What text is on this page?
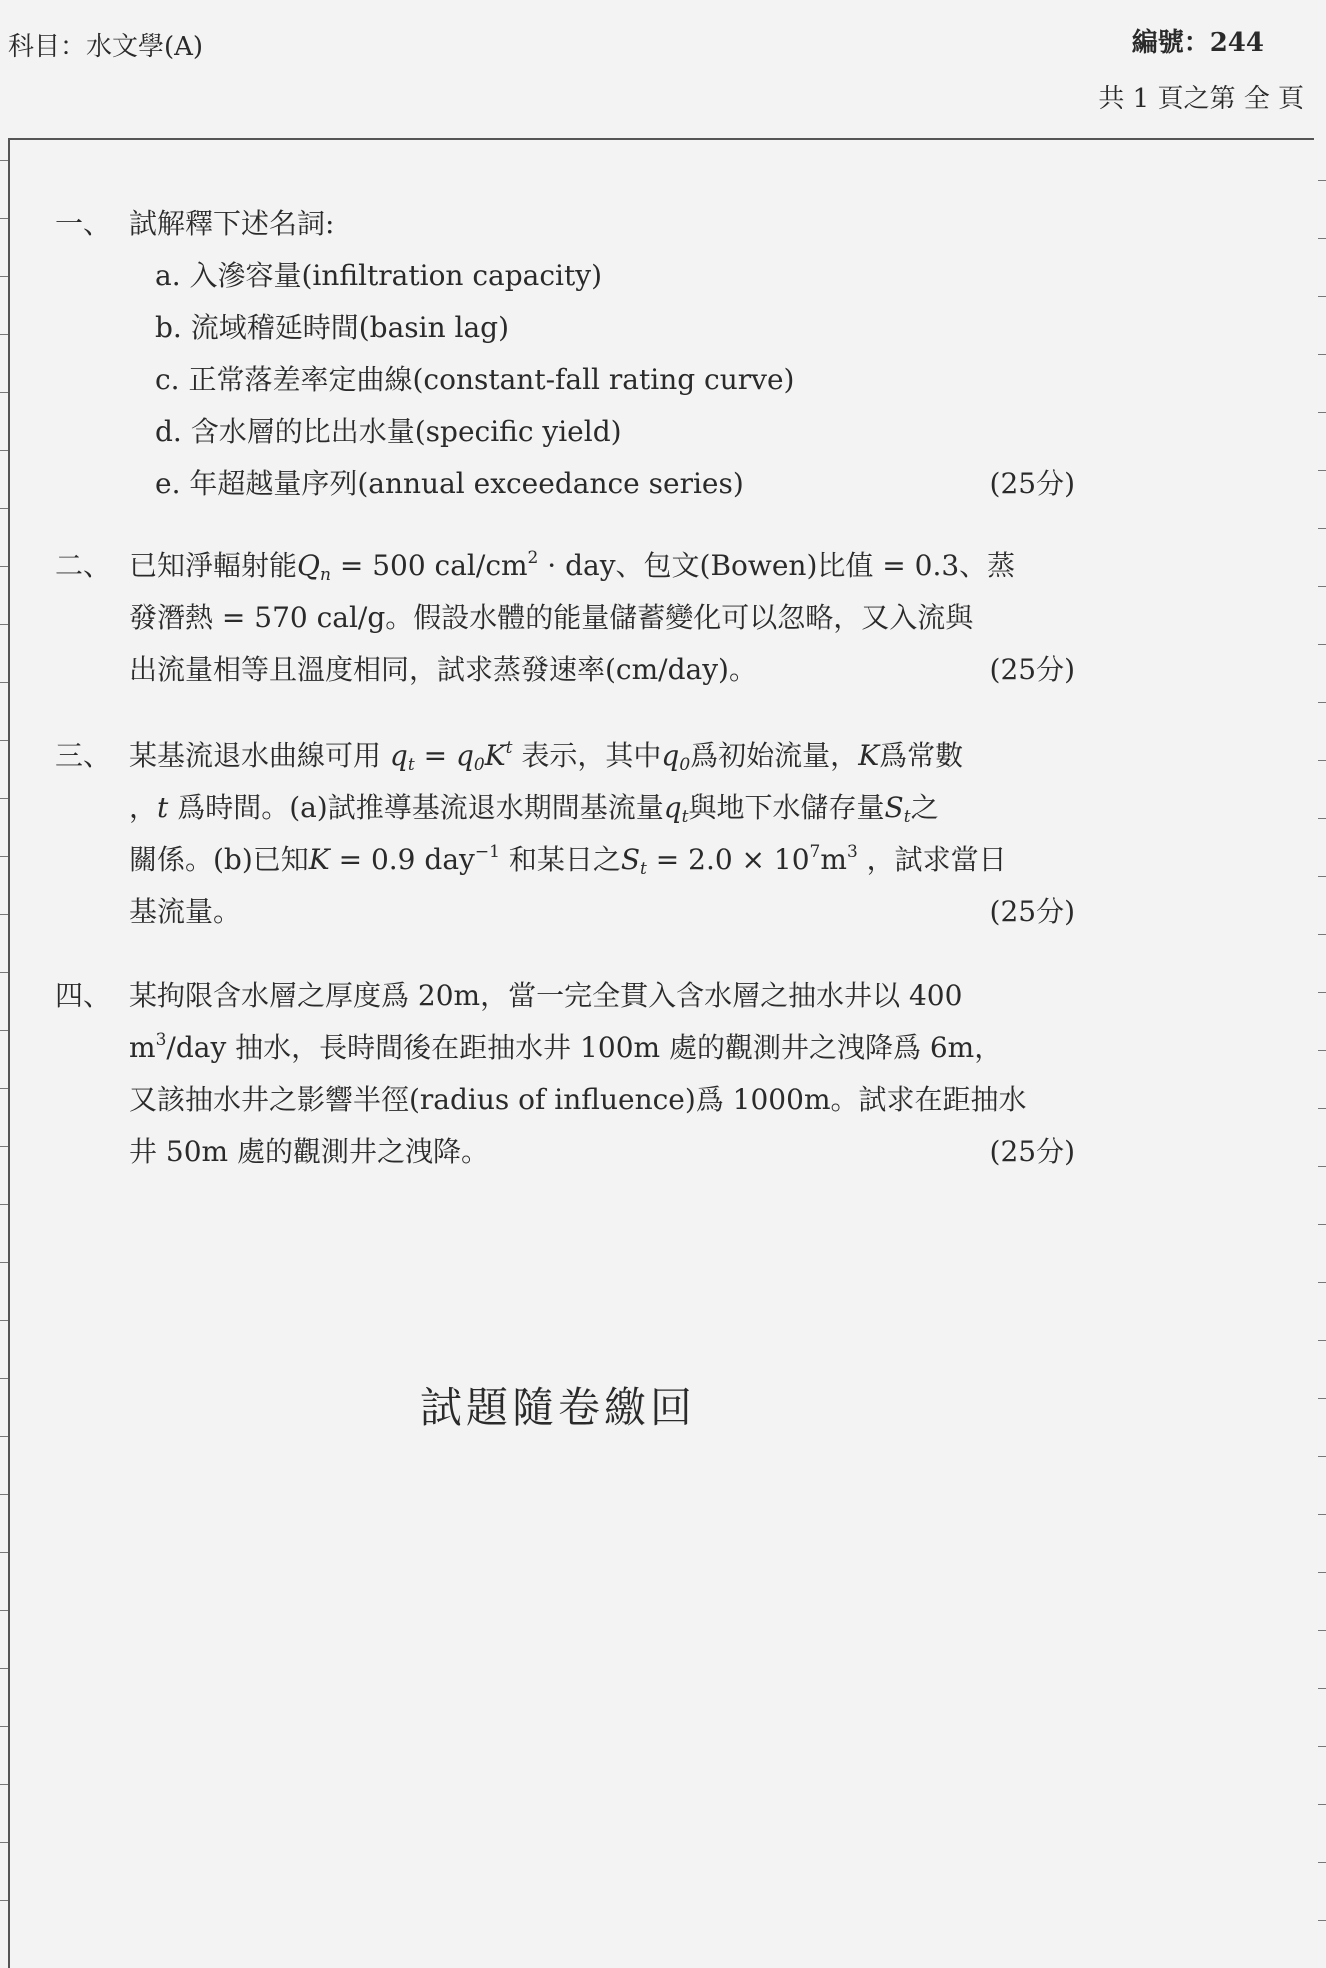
科目：水文學(A)	編號：244
共 1 頁之第 全 頁
一、 試解釋下述名詞:
a. 入滲容量(infiltration capacity)
b. 流域稽延時間(basin lag)
c. 正常落差率定曲線(constant-fall rating curve)
d. 含水層的比出水量(specific yield)
e. 年超越量序列(annual exceedance series)	(25分)
二、 已知淨輻射能$Q_n = 500$ cal/$cm^2$ · day、包文(Bowen)比值 = 0.3、蒸
發潛熱 = 570 cal/g。假設水體的能量儲蓄變化可以忽略，又入流與
出流量相等且溫度相同，試求蒸發速率(cm/day)。	(25分)
三、 某基流退水曲線可用 $q_t = q_0K^t$ 表示，其中$q_0$爲初始流量，K爲常數
，t 爲時間。(a)試推導基流退水期間基流量$q_t$與地下水儲存量$S_t$之
關係。(b)已知K = 0.9 day$^{-1}$ 和某日之$S_t = 2.0 \times 10^7m^3$ ，試求當日
基流量。	(25分)
四、 某拘限含水層之厚度爲 20m，當一完全貫入含水層之抽水井以 400
$m^3$/day 抽水，長時間後在距抽水井 100m 處的觀測井之洩降爲 6m，
又該抽水井之影響半徑(radius of influence)爲 1000m。試求在距抽水
井 50m 處的觀測井之洩降。	(25分)
試題隨卷繳回
